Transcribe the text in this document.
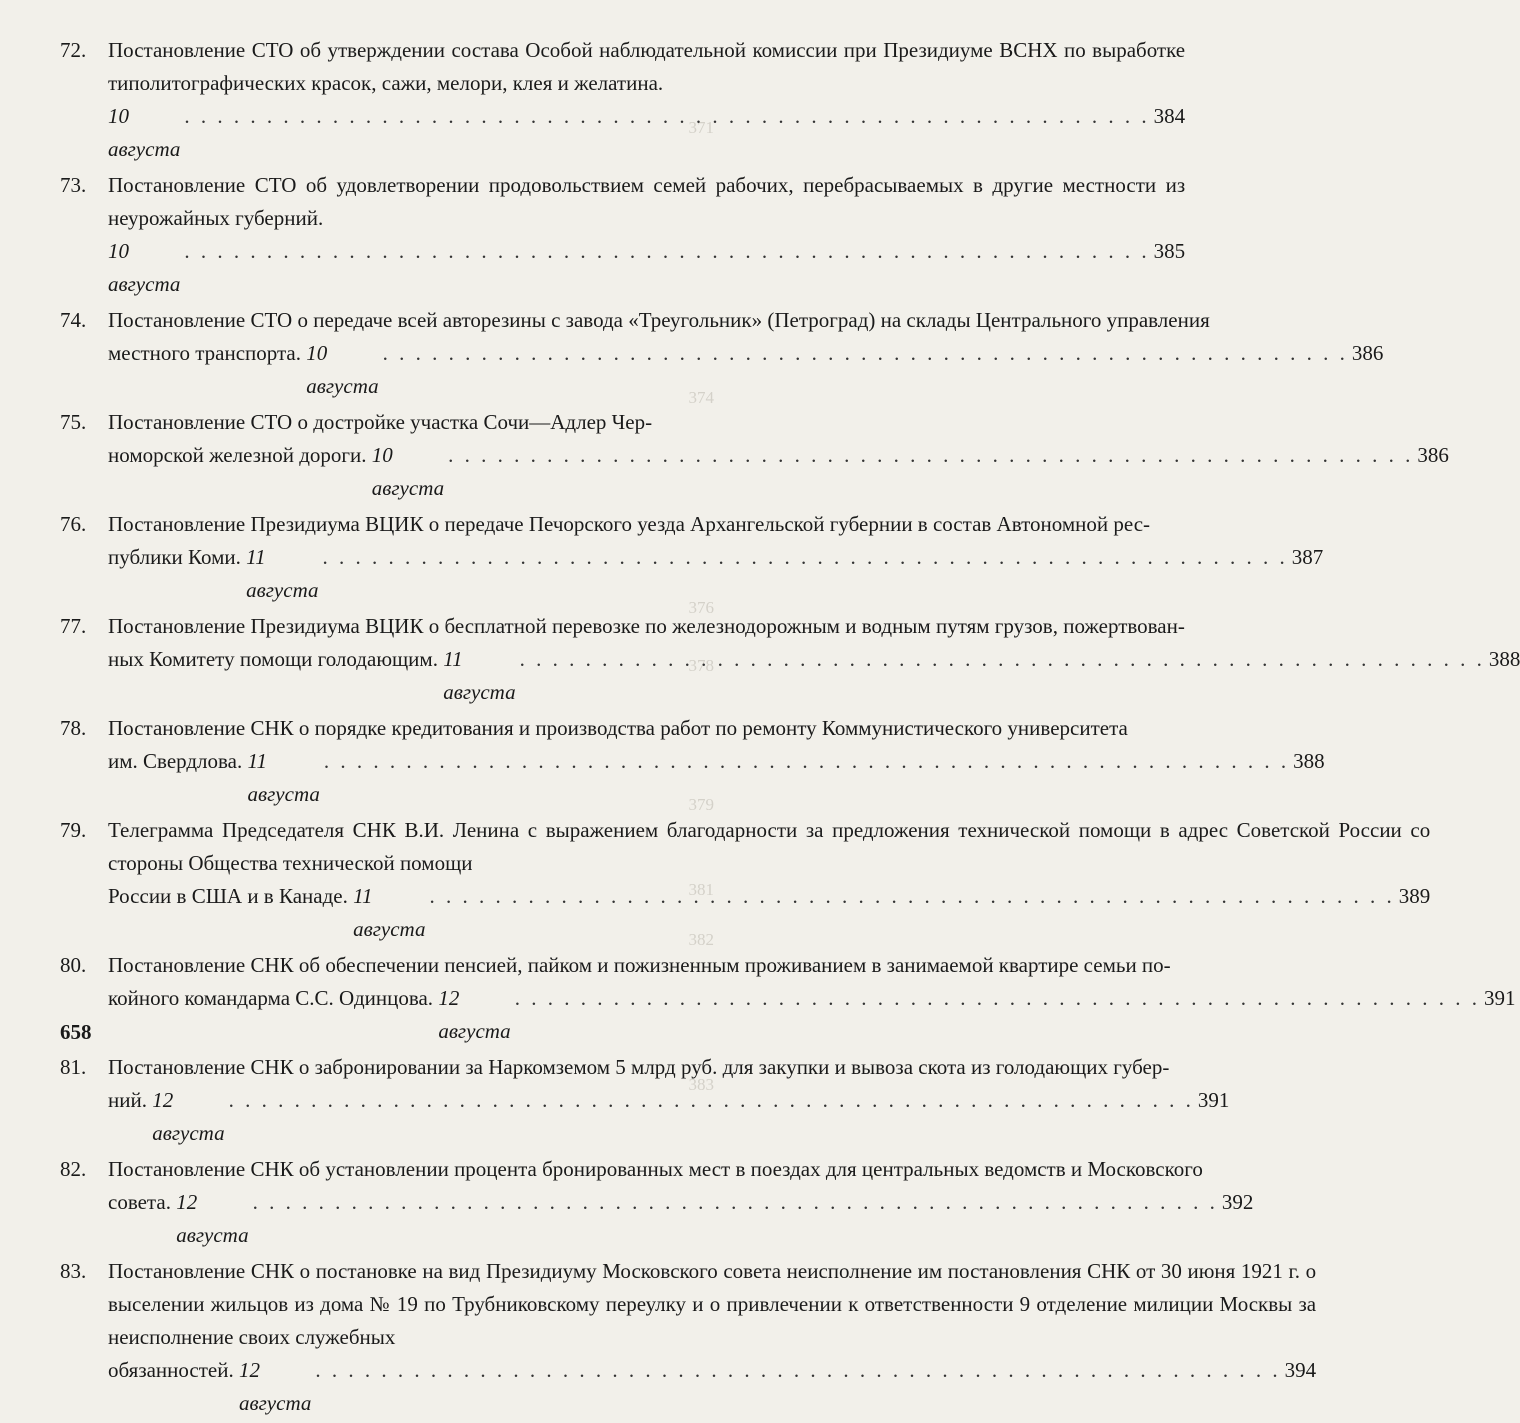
371
374
376
378
379
381
382
383
72.	Постановление СТО об утверждении состава Особой наблюдательной комиссии при Президиуме ВСНХ по выработке типолитографических красок, сажи, мелори, клея и желатина.
10 августа
. . .
384
73.	Постановление СТО об удовлетворении продовольствием семей рабочих, перебрасываемых в другие местности из неурожайных губерний.
10 августа
. . .
385
74.	Постановление СТО о передаче всей авторезины с завода «Треугольник» (Петроград) на склады Центрального управления
местного транспорта.
10 августа
. . .
386
75.	Постановление СТО о достройке участка Сочи—Адлер Чер-
номорской железной дороги.
10 августа
. . .
386
76.	Постановление Президиума ВЦИК о передаче Печорского уезда Архангельской губернии в состав Автономной рес-
публики Коми.
11 августа
. . .
387
77.	Постановление Президиума ВЦИК о бесплатной перевозке по железнодорожным и водным путям грузов, пожертвован-
ных Комитету помощи голодающим.
11 августа
. . .
388
78.	Постановление СНК о порядке кредитования и производства работ по ремонту Коммунистического университета
им. Свердлова.
11 августа
. . .
388
79.	Телеграмма Председателя СНК В.И. Ленина с выражением благодарности за предложения технической помощи в адрес Советской России со стороны Общества технической помощи
России в США и в Канаде.
11 августа
. . .
389
80.	Постановление СНК об обеспечении пенсией, пайком и пожизненным проживанием в занимаемой квартире семьи по-
койного командарма С.С. Одинцова.
12 августа
. . .
391
81.	Постановление СНК о забронировании за Наркомземом 5 млрд руб. для закупки и вывоза скота из голодающих губер-
ний.
12 августа
. . .
391
82.	Постановление СНК об установлении процента бронированных мест в поездах для центральных ведомств и Московского
совета.
12 августа
. . .
392
83.	Постановление СНК о постановке на вид Президиуму Московского совета неисполнение им постановления СНК от 30 июня 1921 г. о выселении жильцов из дома № 19 по Трубниковскому переулку и о привлечении к ответственности 9 отделение милиции Москвы за неисполнение своих служебных
обязанностей.
12 августа
. . .
394
658
